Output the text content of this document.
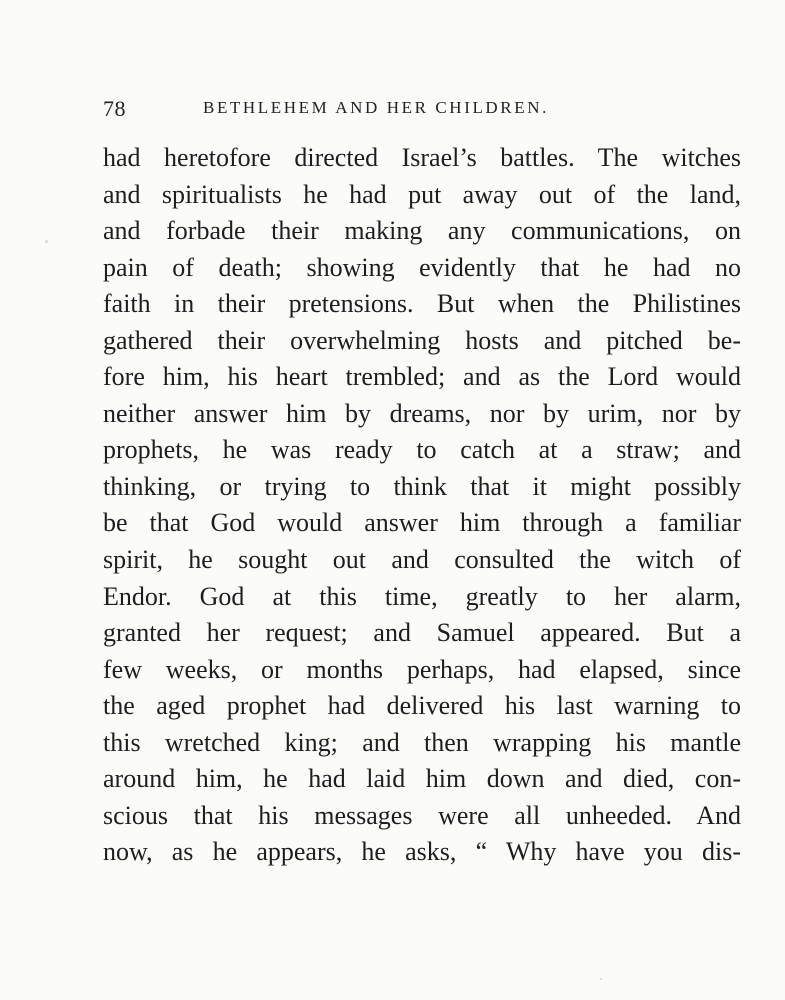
78	BETHLEHEM AND HER CHILDREN.
had heretofore directed Israel’s battles. The witches
and spiritualists he had put away out of the land,
and forbade their making any communications, on
pain of death; showing evidently that he had no
faith in their pretensions. But when the Philistines
gathered their overwhelming hosts and pitched be-
fore him, his heart trembled; and as the Lord would
neither answer him by dreams, nor by urim, nor by
prophets, he was ready to catch at a straw; and
thinking, or trying to think that it might possibly
be that God would answer him through a familiar
spirit, he sought out and consulted the witch of
Endor. God at this time, greatly to her alarm,
granted her request; and Samuel appeared. But a
few weeks, or months perhaps, had elapsed, since
the aged prophet had delivered his last warning to
this wretched king; and then wrapping his mantle
around him, he had laid him down and died, con-
scious that his messages were all unheeded. And
now, as he appears, he asks, “ Why have you dis-
